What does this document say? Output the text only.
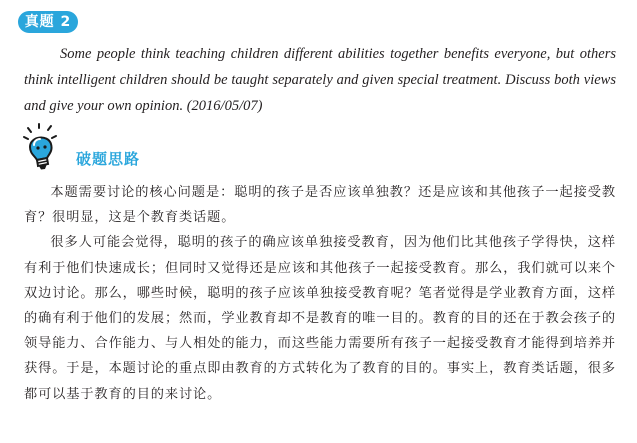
真题 2
Some people think teaching children different abilities together benefits everyone, but others think intelligent children should be taught separately and given special treatment. Discuss both views and give your own opinion. (2016/05/07)
破题思路

本题需要讨论的核心问题是：聪明的孩子是否应该单独教？还是应该和其他孩子一起接受教育？很明显，这是个教育类话题。

很多人可能会觉得，聪明的孩子的确应该单独接受教育，因为他们比其他孩子学得快，这样有利于他们快速成长；但同时又觉得还是应该和其他孩子一起接受教育。那么，我们就可以来个双边讨论。那么，哪些时候，聪明的孩子应该单独接受教育呢？笔者觉得是学业教育方面，这样的确有利于他们的发展；然而，学业教育却不是教育的唯一目的。教育的目的还在于教会孩子的领导能力、合作能力、与人相处的能力，而这些能力需要所有孩子一起接受教育才能得到培养并获得。于是，本题讨论的重点即由教育的方式转化为了教育的目的。事实上，教育类话题，很多都可以基于教育的目的来讨论。
